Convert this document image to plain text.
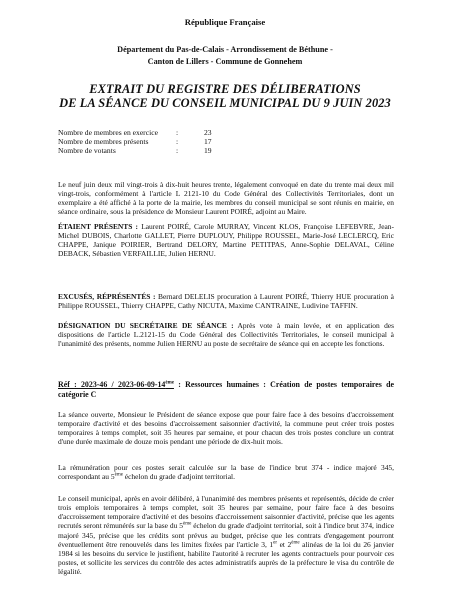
République Française
Département du Pas-de-Calais - Arrondissement de Béthune -
Canton de Lillers - Commune de Gonnehem
EXTRAIT DU REGISTRE DES DÉLIBERATIONS
DE LA SÉANCE DU CONSEIL MUNICIPAL DU 9 JUIN 2023
Nombre de membres en exercice	:	23
Nombre de membres présents	:	17
Nombre de votants	:	19
Le neuf juin deux mil vingt-trois à dix-huit heures trente, légalement convoqué en date du trente mai deux mil vingt-trois, conformément à l'article L 2121-10 du Code Général des Collectivités Territoriales, dont un exemplaire a été affiché à la porte de la mairie, les membres du conseil municipal se sont réunis en mairie, en séance ordinaire, sous la présidence de Monsieur Laurent POIRÉ, adjoint au Maire.
ÉTAIENT PRÉSENTS : Laurent POIRÉ, Carole MURRAY, Vincent KLOS, Françoise LEFEBVRE, Jean-Michel DUBOIS, Charlotte GALLET, Pierre DUPLOUY, Philippe ROUSSEL, Marie-José LECLERCQ, Eric CHAPPE, Janique POIRIER, Bertrand DELORY, Martine PETITPAS, Anne-Sophie DELAVAL, Céline DEBACK, Sébastien VERFAILLIE, Julien HERNU.
EXCUSÉS, RÉPRÉSENTÉS : Bernard DELELIS procuration à Laurent POIRÉ, Thierry HUE procuration à Philippe ROUSSEL, Thierry CHAPPE, Cathy NICUTA, Maxime CANTRAINE, Ludivine TAFFIN.
DÉSIGNATION DU SECRÉTAIRE DE SÉANCE : Après vote à main levée, et en application des dispositions de l'article L.2121-15 du Code Général des Collectivités Territoriales, le conseil municipal à l'unanimité des présents, nomme Julien HERNU au poste de secrétaire de séance qui en accepte les fonctions.
Réf : 2023-46 / 2023-06-09-14ème : Ressources humaines : Création de postes temporaires de catégorie C
La séance ouverte, Monsieur le Président de séance expose que pour faire face à des besoins d'accroissement temporaire d'activité et des besoins d'accroissement saisonnier d'activité, la commune peut créer trois postes temporaires à temps complet, soit 35 heures par semaine, et pour chacun des trois postes conclure un contrat d'une durée maximale de douze mois pendant une période de dix-huit mois.
La rémunération pour ces postes serait calculée sur la base de l'indice brut 374 - indice majoré 345, correspondant au 5ème échelon du grade d'adjoint territorial.
Le conseil municipal, après en avoir délibéré, à l'unanimité des membres présents et représentés, décide de créer trois emplois temporaires à temps complet, soit 35 heures par semaine, pour faire face à des besoins d'accroissement temporaire d'activité et des besoins d'accroissement saisonnier d'activité, précise que les agents recrutés seront rémunérés sur la base du 5ème échelon du grade d'adjoint territorial, soit à l'indice brut 374, indice majoré 345, précise que les crédits sont prévus au budget, précise que les contrats d'engagement pourront éventuellement être renouvelés dans les limites fixées par l'article 3, 1er et 2ème alinéas de la loi du 26 janvier 1984 si les besoins du service le justifient, habilite l'autorité à recruter les agents contractuels pour pourvoir ces postes, et sollicite les services du contrôle des actes administratifs auprès de la préfecture le visa du contrôle de légalité.
